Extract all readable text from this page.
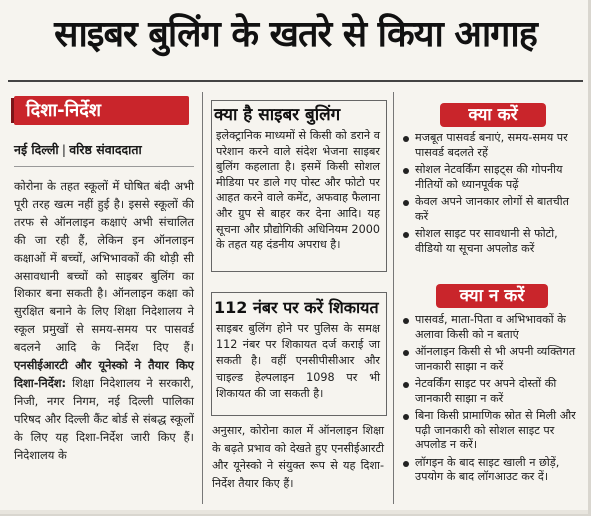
साइबर बुलिंग के खतरे से किया आगाह
दिशा-निर्देश
नई दिल्ली | वरिष्ठ संवाददाता
कोरोना के तहत स्कूलों में घोषित बंदी अभी पूरी तरह खत्म नहीं हुई है। इससे स्कूलों की तरफ से ऑनलाइन कक्षाएं अभी संचालित की जा रही हैं, लेकिन इन ऑनलाइन कक्षाओं में बच्चों, अभिभावकों की थोड़ी सी असावधानी बच्चों को साइबर बुलिंग का शिकार बना सकती है। ऑनलाइन कक्षा को सुरक्षित बनाने के लिए शिक्षा निदेशालय ने स्कूल प्रमुखों से समय-समय पर पासवर्ड बदलने आदि के निर्देश दिए हैं। एनसीईआरटी और यूनेस्को ने तैयार किए दिशा-निर्देश: शिक्षा निदेशालय ने सरकारी, निजी, नगर निगम, नई दिल्ली पालिका परिषद और दिल्ली कैंट बोर्ड से संबद्ध स्कूलों के लिए यह दिशा-निर्देश जारी किए हैं। निदेशालय के
क्या है साइबर बुलिंग
इलेक्ट्रानिक माध्यमों से किसी को डराने व परेशान करने वाले संदेश भेजना साइबर बुलिंग कहलाता है। इसमें किसी सोशल मीडिया पर डाले गए पोस्ट और फोटो पर आहत करने वाले कमेंट, अफवाह फैलाना और ग्रुप से बाहर कर देना आदि। यह सूचना और प्रौद्योगिकी अधिनियम 2000 के तहत यह दंडनीय अपराध है।
112 नंबर पर करें शिकायत
साइबर बुलिंग होने पर पुलिस के समक्ष 112 नंबर पर शिकायत दर्ज कराई जा सकती है। वहीं एनसीपीसीआर और चाइल्ड हेल्पलाइन 1098 पर भी शिकायत की जा सकती है।
अनुसार, कोरोना काल में ऑनलाइन शिक्षा के बढ़ते प्रभाव को देखते हुए एनसीईआरटी और यूनेस्को ने संयुक्त रूप से यह दिशा-निर्देश तैयार किए हैं।
क्या करें
मजबूत पासवर्ड बनाएं, समय-समय पर पासवर्ड बदलते रहें
सोशल नेटवर्किंग साइट्स की गोपनीय नीतियों को ध्यानपूर्वक पढ़ें
केवल अपने जानकार लोगों से बातचीत करें
सोशल साइट पर सावधानी से फोटो, वीडियो या सूचना अपलोड करें
क्या न करें
पासवर्ड, माता-पिता व अभिभावकों के अलावा किसी को न बताएं
ऑनलाइन किसी से भी अपनी व्यक्तिगत जानकारी साझा न करें
नेटवर्किंग साइट पर अपने दोस्तों की जानकारी साझा न करें
बिना किसी प्रामाणिक स्रोत से मिली और पढ़ी जानकारी को सोशल साइट पर अपलोड न करें।
लॉगइन के बाद साइट खाली न छोड़ें, उपयोग के बाद लॉगआउट कर दें।
